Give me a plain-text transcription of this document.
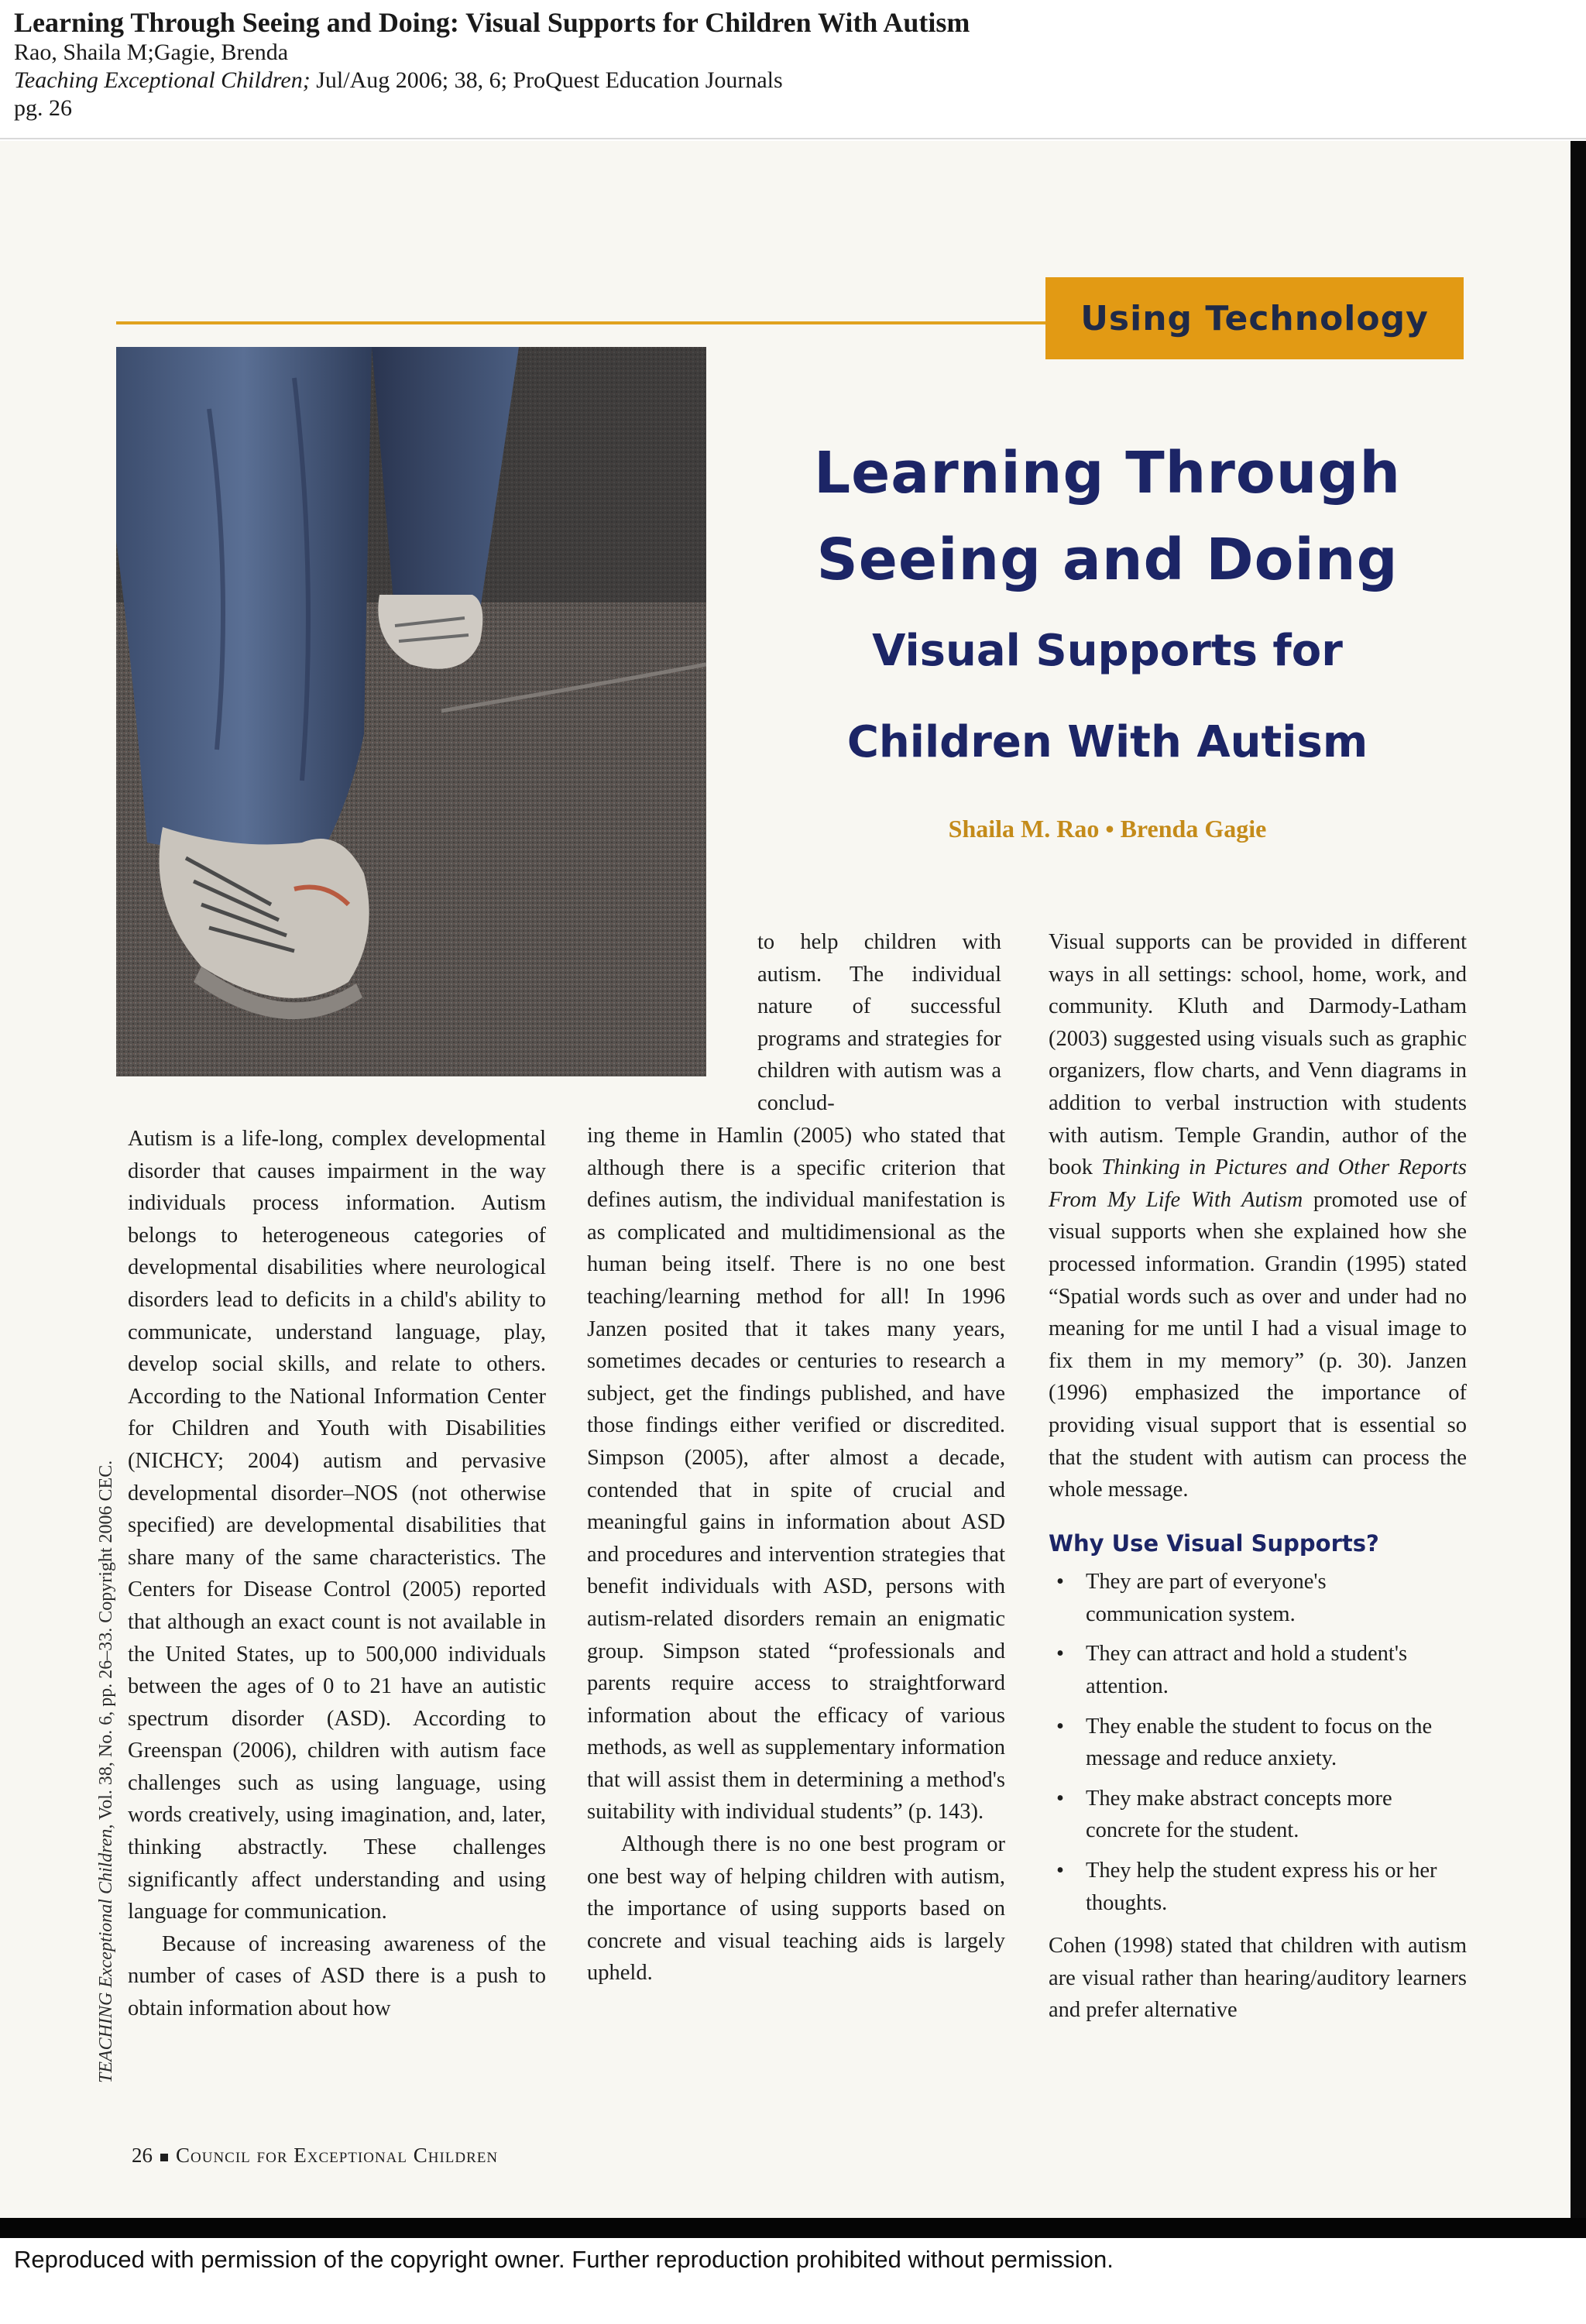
Learning Through Seeing and Doing: Visual Supports for Children With Autism
Rao, Shaila M;Gagie, Brenda
Teaching Exceptional Children; Jul/Aug 2006; 38, 6; ProQuest Education Journals
pg. 26
Using Technology
Learning Through
Seeing and Doing
Visual Supports for
Children With Autism
Shaila M. Rao • Brenda Gagie

Autism is a life-long, complex developmental disorder that causes impairment in the way individuals process information. Autism belongs to heterogeneous categories of developmental disabilities where neurological disorders lead to deficits in a child's ability to communicate, understand language, play, develop social skills, and relate to others. According to the National Information Center for Children and Youth with Disabilities (NICHCY; 2004) autism and pervasive developmental disorder–NOS (not otherwise specified) are developmental disabilities that share many of the same characteristics. The Centers for Disease Control (2005) reported that although an exact count is not available in the United States, up to 500,000 individuals between the ages of 0 to 21 have an autistic spectrum disorder (ASD). According to Greenspan (2006), children with autism face challenges such as using language, using words creatively, using imagination, and, later, thinking abstractly. These challenges significantly affect understanding and using language for communication.

Because of increasing awareness of the number of cases of ASD there is a push to obtain information about how

to help children with autism. The individual nature of successful programs and strategies for children with autism was a conclud-

ing theme in Hamlin (2005) who stated that although there is a specific criterion that defines autism, the individual manifestation is as complicated and multidimensional as the human being itself. There is no one best teaching/learning method for all! In 1996 Janzen posited that it takes many years, sometimes decades or centuries to research a subject, get the findings published, and have those findings either verified or discredited. Simpson (2005), after almost a decade, contended that in spite of crucial and meaningful gains in information about ASD and procedures and intervention strategies that benefit individuals with ASD, persons with autism-related disorders remain an enigmatic group. Simpson stated “professionals and parents require access to straightforward information about the efficacy of various methods, as well as supplementary information that will assist them in determining a method's suitability with individual students” (p. 143).

Although there is no one best program or one best way of helping children with autism, the importance of using supports based on concrete and visual teaching aids is largely upheld.

Visual supports can be provided in different ways in all settings: school, home, work, and community. Kluth and Darmody-Latham (2003) suggested using visuals such as graphic organizers, flow charts, and Venn diagrams in addition to verbal instruction with students with autism. Temple Grandin, author of the book Thinking in Pictures and Other Reports From My Life With Autism promoted use of visual supports when she explained how she processed information. Grandin (1995) stated “Spatial words such as over and under had no meaning for me until I had a visual image to fix them in my memory” (p. 30). Janzen (1996) emphasized the importance of providing visual support that is essential so that the student with autism can process the whole message.

Why Use Visual Supports?
• They are part of everyone's communication system.
• They can attract and hold a student's attention.
• They enable the student to focus on the message and reduce anxiety.
• They make abstract concepts more concrete for the student.
• They help the student express his or her thoughts.

Cohen (1998) stated that children with autism are visual rather than hearing/auditory learners and prefer alternative

TEACHING Exceptional Children, Vol. 38, No. 6, pp. 26–33. Copyright 2006 CEC.
26 Council for Exceptional Children
Reproduced with permission of the copyright owner. Further reproduction prohibited without permission.
